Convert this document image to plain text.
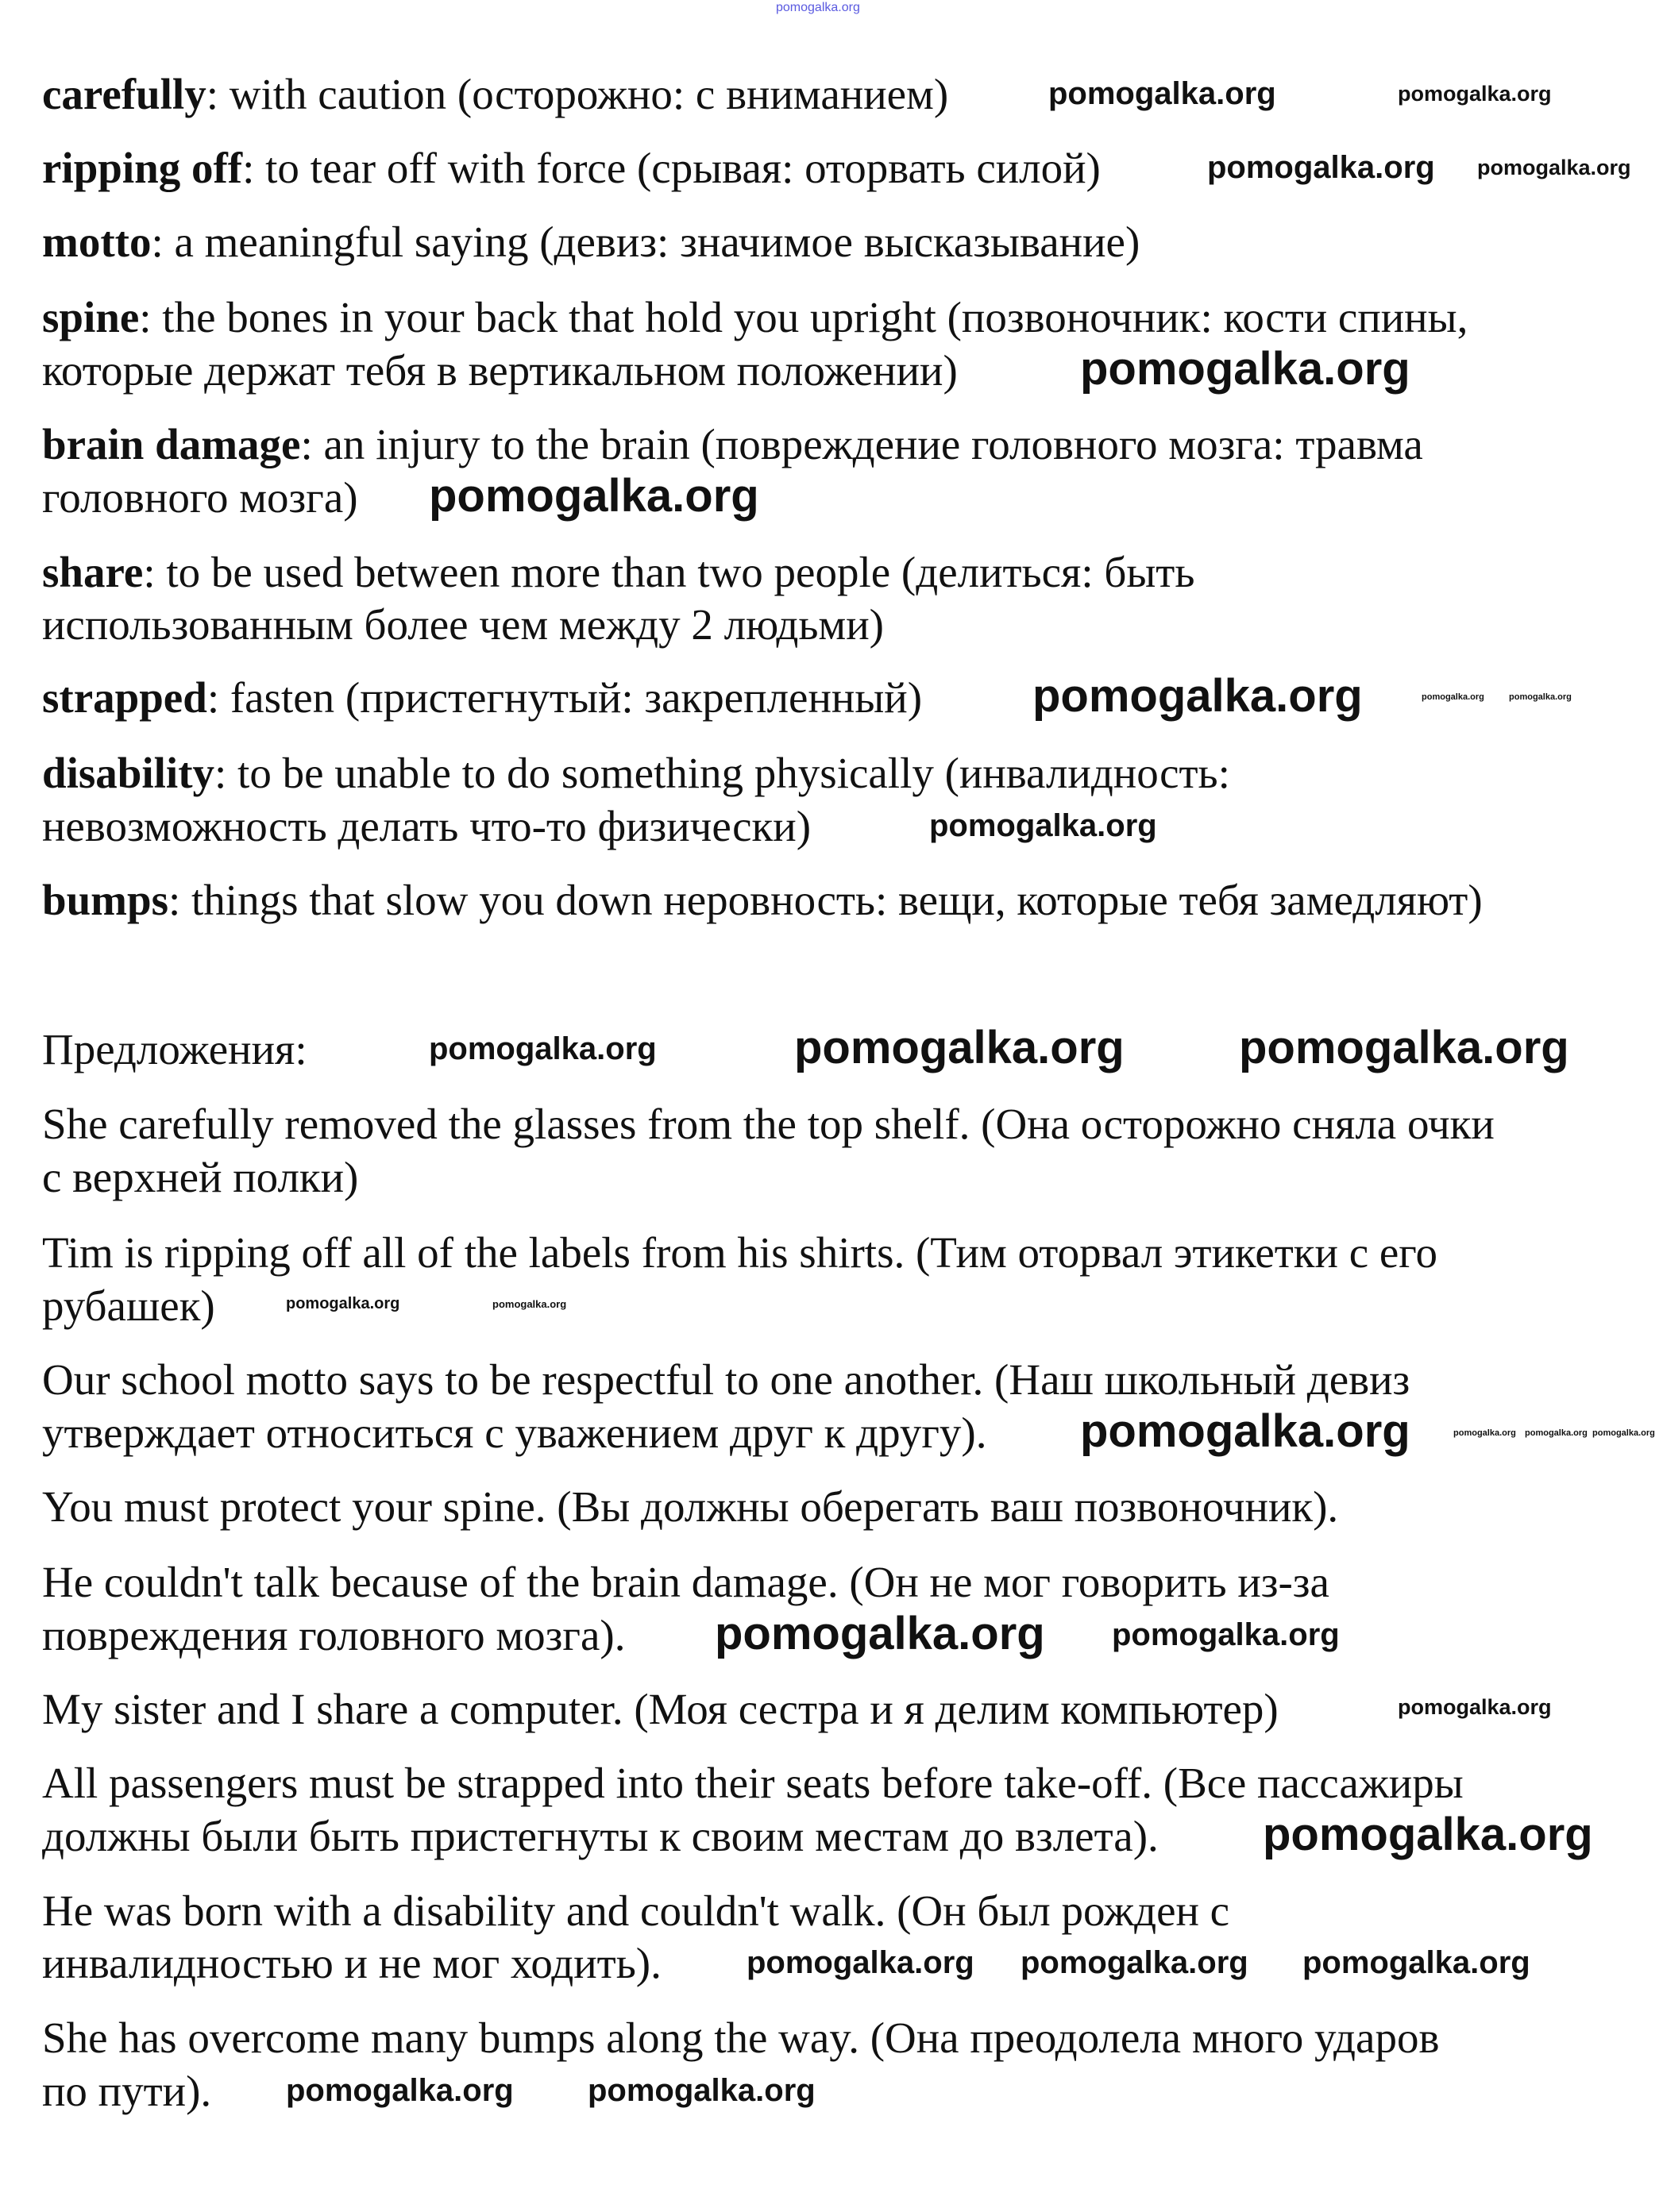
pomogalka.org
pomogalka.org	pomogalka.org
pomogalka.org pomogalka.org
pomogalka.org
pomogalka.org
pomogalka.org	pomogalka.org	pomogalka.org
pomogalka.org
pomogalka.org
pomogalka.org	pomogalka.org
pomogalka.org	pomogalka.org
pomogalka.org pomogalka.org pomogalka.org
pomogalka.org
pomogalka.org
pomogalka.org
pomogalka.org
pomogalka.org
pomogalka.org pomogalka.org
pomogalka.org pomogalka.org
pomogalka.org
carefully: with caution (осторожно: с вниманием)
ripping off: to tear off with force (срывая: оторвать силой)
motto: a meaningful saying (девиз: значимое высказывание)
spine: the bones in your back that hold you upright (позвоночник: кости спины,
которые держат тебя в вертикальном положении)
brain damage: an injury to the brain (повреждение головного мозга: травма
головного мозга)
share: to be used between more than two people (делиться: быть
использованным более чем между 2 людьми)
strapped: fasten (пристегнутый: закрепленный)
disability: to be unable to do something physically (инвалидность:
невозможность делать что-то физически)
bumps: things that slow you down неровность: вещи, которые тебя замедляют)
Предложения:
She carefully removed the glasses from the top shelf. (Она осторожно сняла очки
с верхней полки)
Tim is ripping off all of the labels from his shirts. (Тим оторвал этикетки с его
рубашек)
Our school motto says to be respectful to one another. (Наш школьный девиз
утверждает относиться с уважением друг к другу).
You must protect your spine. (Вы должны оберегать ваш позвоночник).
He couldn't talk because of the brain damage. (Он не мог говорить из-за
повреждения головного мозга).
My sister and I share a computer. (Моя сестра и я делим компьютер)
All passengers must be strapped into their seats before take-off. (Все пассажиры
должны были быть пристегнуты к своим местам до взлета).
He was born with a disability and couldn't walk. (Он был рожден с
инвалидностью и не мог ходить).
She has overcome many bumps along the way. (Она преодолела много ударов
по пути).
